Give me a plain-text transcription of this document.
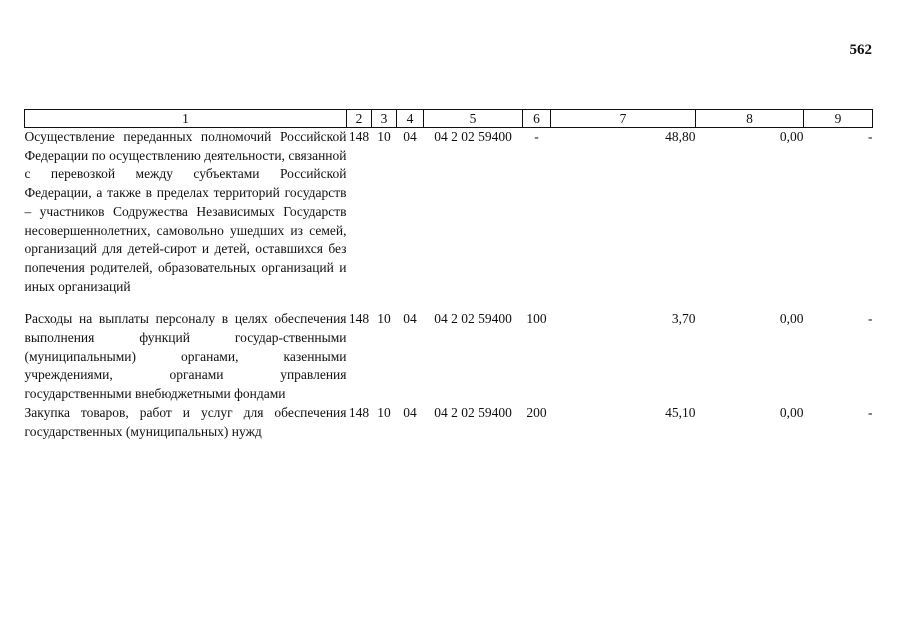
562
1	2	3	4	5	6	7	8	9
Осуществление переданных полномочий Российской Федерации по осуществлению деятельности, связанной с перевозкой между субъектами Российской Федерации, а также в пределах территорий государств – участников Содружества Независимых Государств несовершеннолетних, самовольно ушедших из семей, организаций для детей-сирот и детей, оставшихся без попечения родителей, образовательных организаций и иных организаций	148	10	04	04 2 02 59400	-	48,80	0,00	-

Расходы на выплаты персоналу в целях обеспечения выполнения функций государ-ственными (муниципальными) органами, казенными учреждениями, органами управления государственными внебюджетными фондами	148	10	04	04 2 02 59400	100	3,70	0,00	-
Закупка товаров, работ и услуг для обеспечения государственных (муниципальных) нужд	148	10	04	04 2 02 59400	200	45,10	0,00	-
